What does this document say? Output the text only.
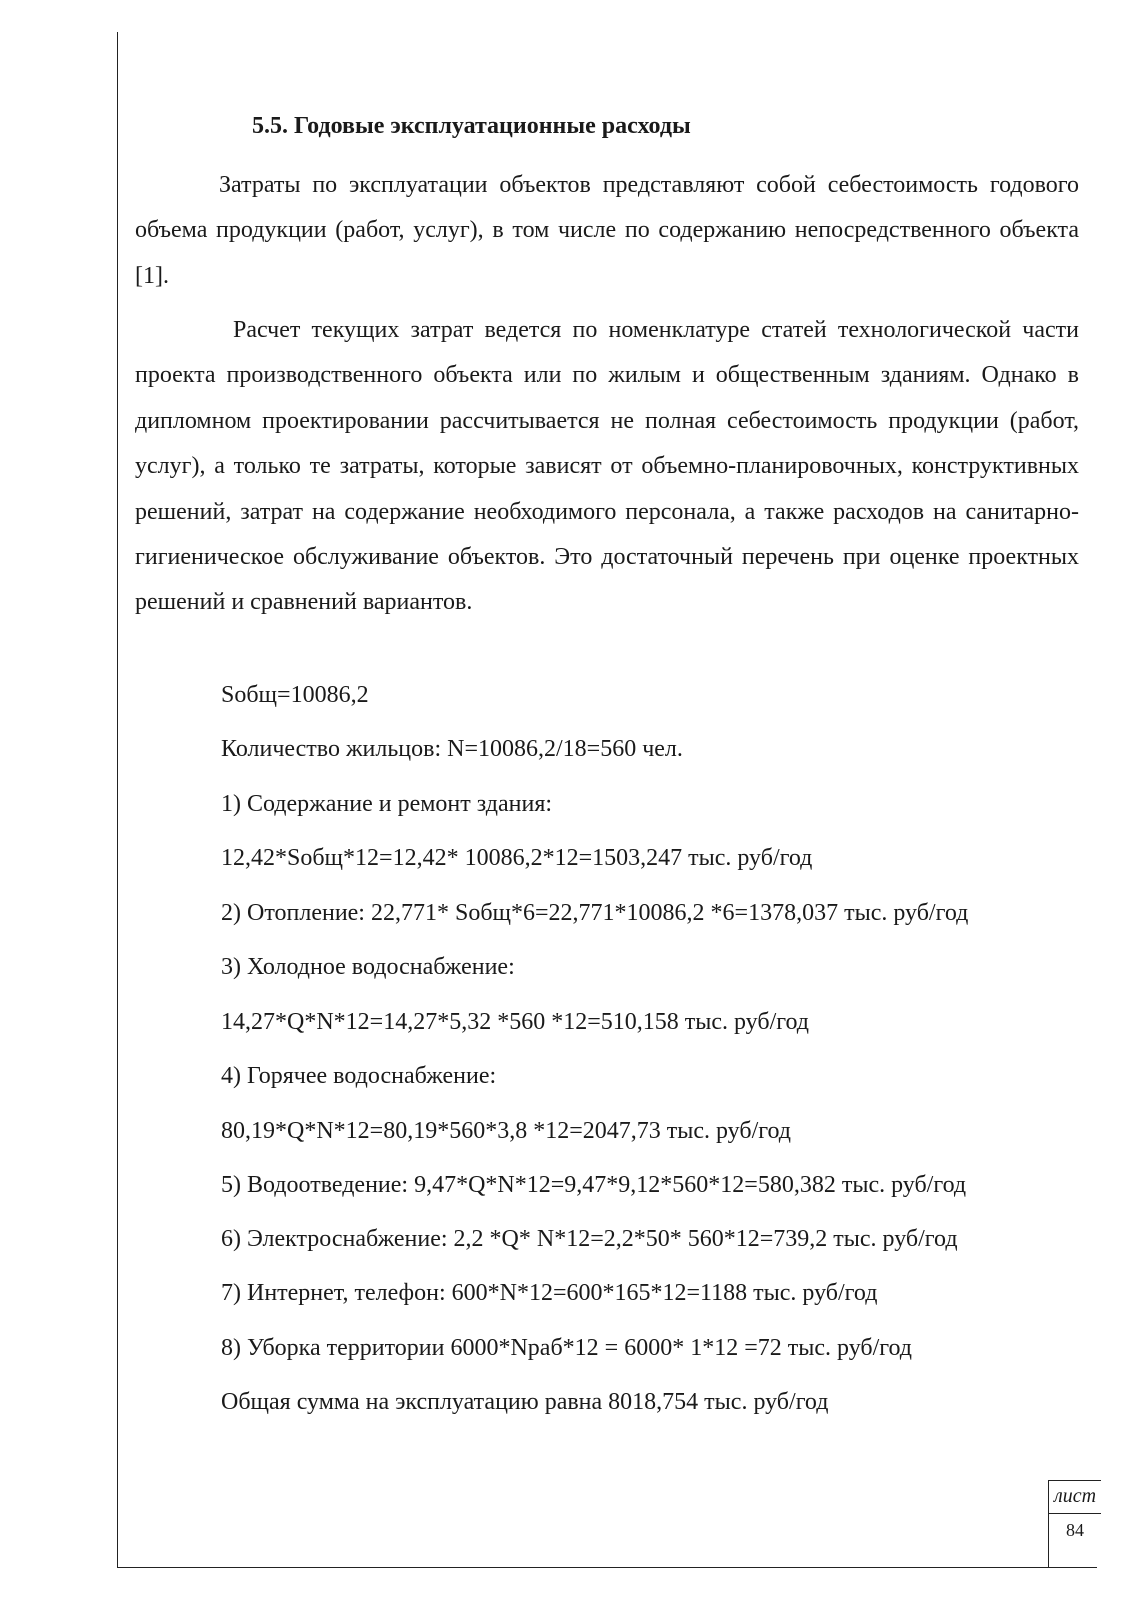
5.5. Годовые эксплуатационные расходы

Затраты по эксплуатации объектов представляют собой себестоимость годового объема продукции (работ, услуг), в том числе по содержанию непосредственного объекта [1].

Расчет текущих затрат ведется по номенклатуре статей технологической части проекта производственного объекта или по жилым и общественным зданиям. Однако в дипломном проектировании рассчитывается не полная себестоимость продукции (работ, услуг), а только те затраты, которые зависят от объемно-планировочных, конструктивных решений, затрат на содержание необходимого персонала, а также расходов на санитарно-гигиеническое обслуживание объектов. Это достаточный перечень при оценке проектных решений и сравнений вариантов.

Sобщ=10086,2
Количество жильцов: N=10086,2/18=560 чел.
1) Содержание и ремонт здания:
12,42*Sобщ*12=12,42* 10086,2*12=1503,247 тыс. руб/год
2) Отопление: 22,771* Sобщ*6=22,771*10086,2 *6=1378,037 тыс. руб/год
3) Холодное водоснабжение:
14,27*Q*N*12=14,27*5,32 *560 *12=510,158 тыс. руб/год
4) Горячее водоснабжение:
80,19*Q*N*12=80,19*560*3,8 *12=2047,73 тыс. руб/год
5) Водоотведение: 9,47*Q*N*12=9,47*9,12*560*12=580,382 тыс. руб/год
6) Электроснабжение: 2,2 *Q* N*12=2,2*50* 560*12=739,2 тыс. руб/год
7) Интернет, телефон: 600*N*12=600*165*12=1188 тыс. руб/год
8) Уборка территории 6000*Nраб*12 = 6000* 1*12 =72 тыс. руб/год
Общая сумма на эксплуатацию равна 8018,754 тыс. руб/год
лист
84
